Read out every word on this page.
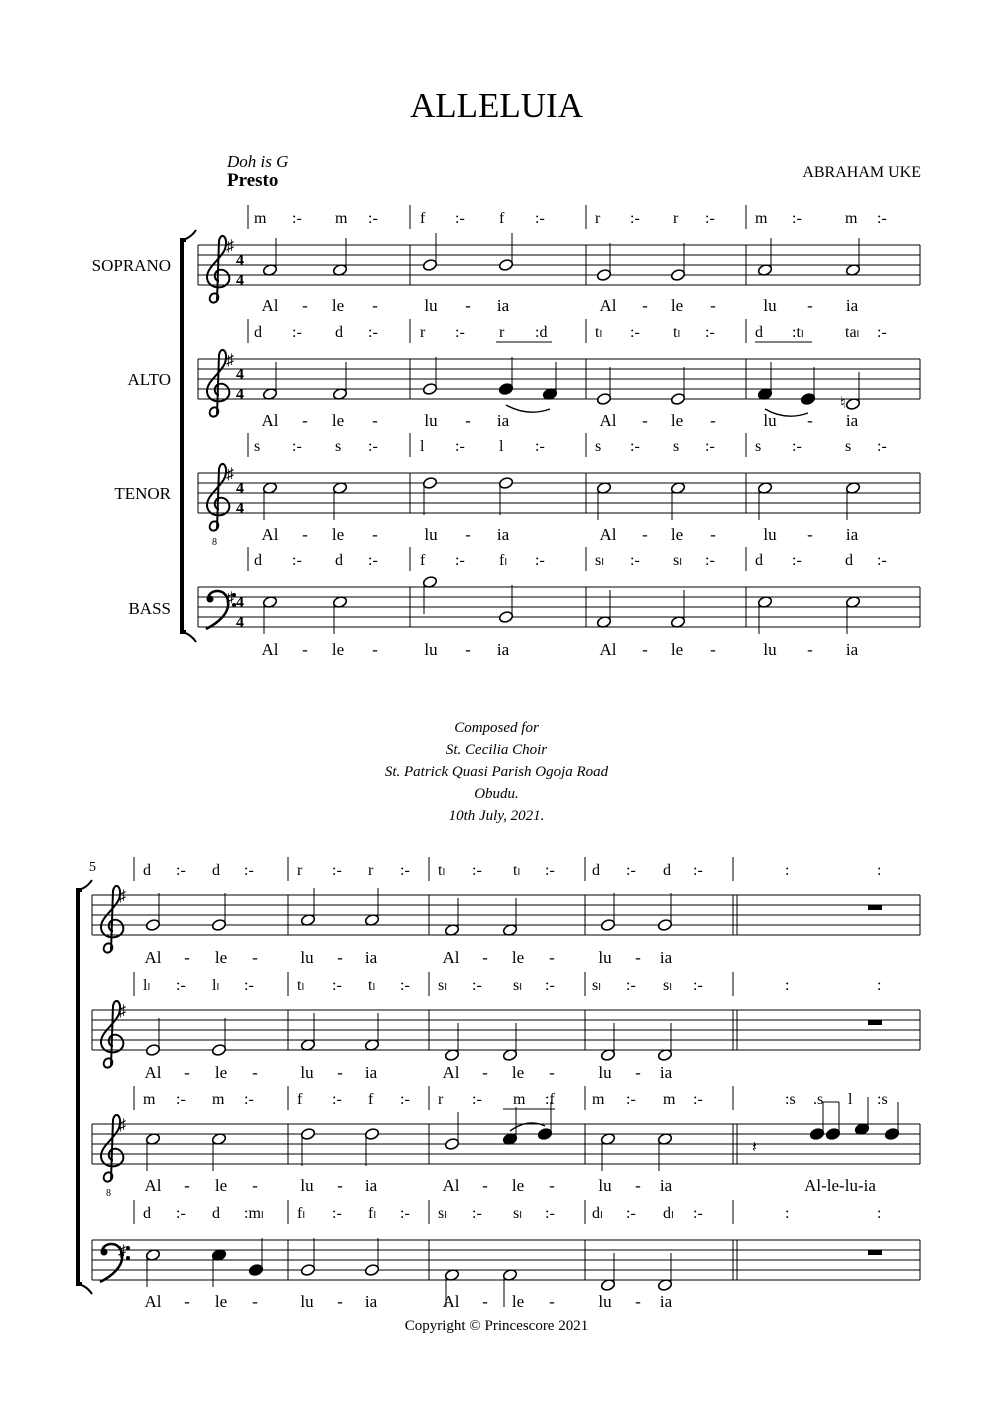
ALLELUIA
Doh is G
Presto	ABRAHAM UKE
SOPRANO
ALTO
TENOR
BASS
Composed for
St. Cecilia Choir
St. Patrick Quasi Parish Ogoja Road
Obudu.
10th July, 2021.
5
Copyright © Princescore 2021
♯
4
4
♯
4
4
8
♯
4
4
♯ 4
4
m :- m :-	f :- f :-	r :- r :-	m :-	m :-
Al - le -	lu - ia	Al - le -	lu - ia
d :- d :-	r :- r :d	tₗ :- tₗ :-	d :tₗ	taₗ :-
Al - le -	lu - ia	Al - le -	lu - ia
s :- s :-	l :- l :-	s :- s :-	s :-	s :-
Al - le -	lu - ia	Al - le -	lu - ia
d :- d :-	f :- fₗ :-	sₗ :- sₗ :-	d :-	d :-
Al - le -	lu - ia	Al - le -	lu - ia
♮
♯
♯
8
♯
♯
d :- d :-	r :- r :- tₗ :- tₗ :- d :- d :-	:	:
Al - le -	lu - ia	Al - le -	lu - ia
lₗ :- lₗ :-	tₗ :- tₗ :- sₗ :- sₗ :- sₗ :- sₗ :-	:	:
Al - le -	lu - ia	Al - le -	lu - ia
m :- m :-	f :- f :- r :- m :f m :- m :-	:s .s l :s
Al - le -	lu - ia	Al - le -	lu - ia	Al-le-lu-ia
d :- d :mₗ fₗ :- fₗ :- sₗ :- sₗ :- dₗ :- dₗ :-	:	:
Al - le -	lu - ia	Al - le -	lu - ia
𝄽
